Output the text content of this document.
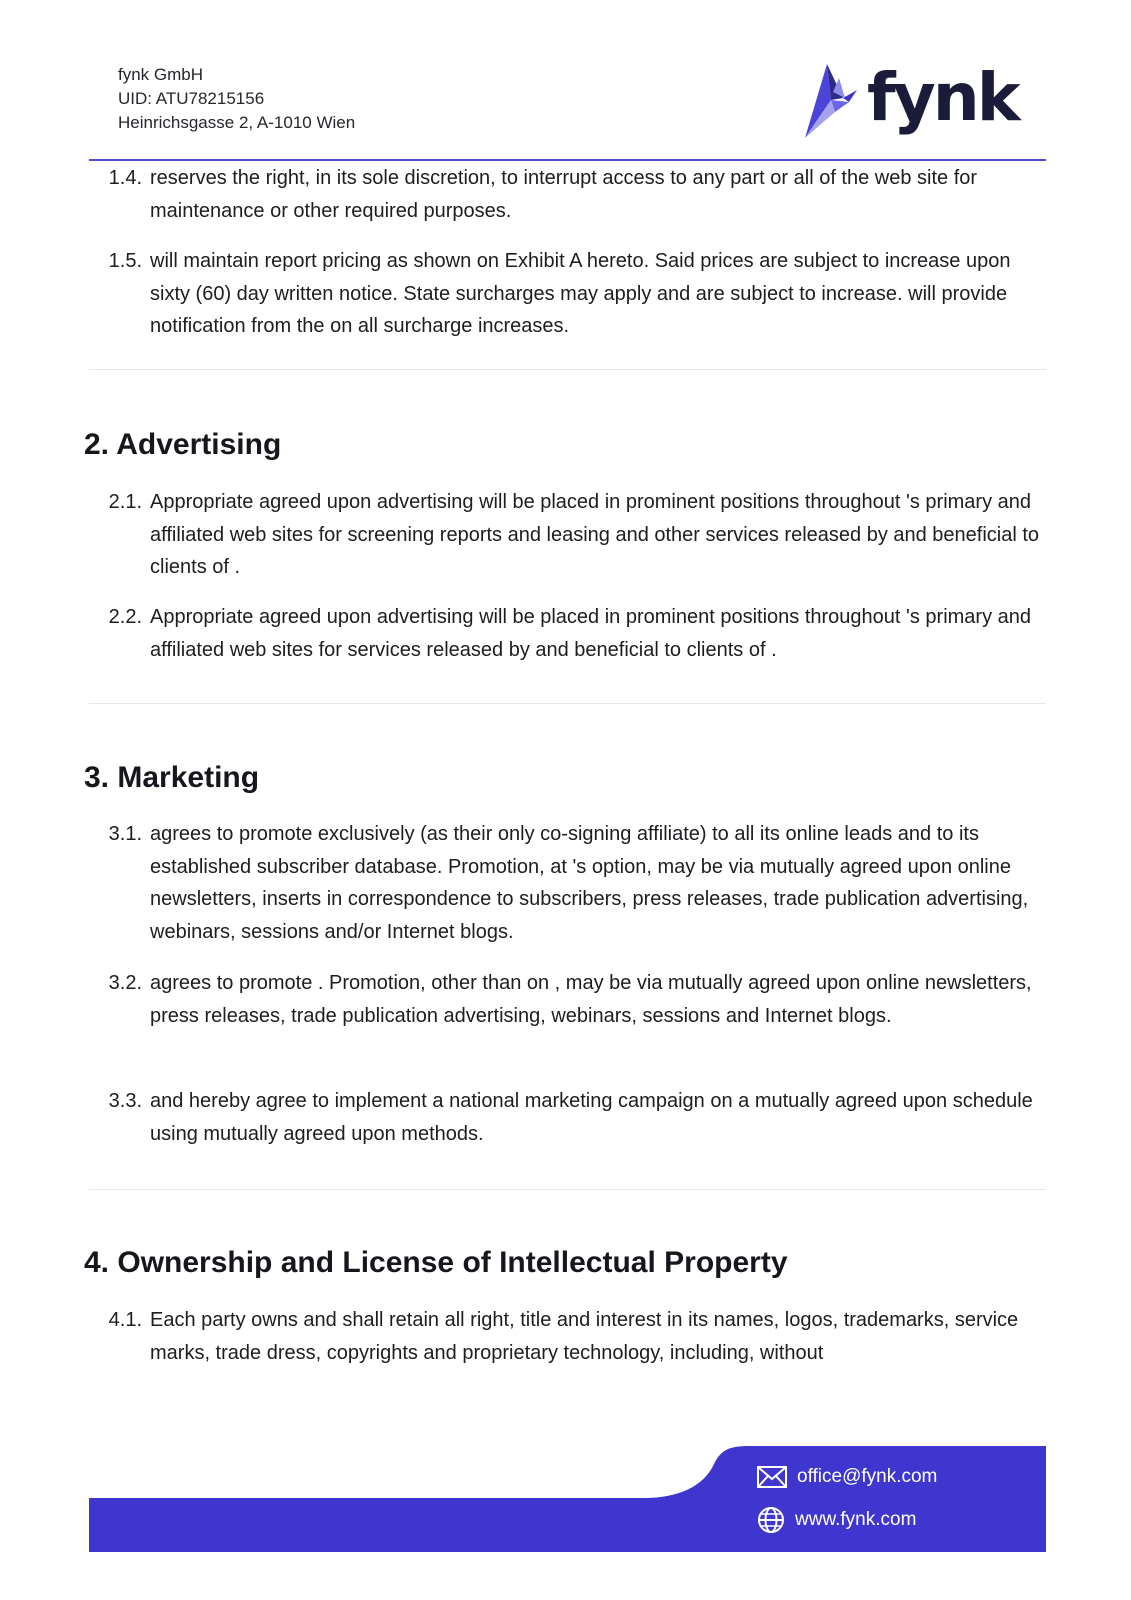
fynk GmbH
UID: ATU78215156
Heinrichsgasse 2, A-1010 Wien	fynk
1.4. reserves the right, in its sole discretion, to interrupt access to any part or all of the web site for maintenance or other required purposes.
1.5. will maintain report pricing as shown on Exhibit A hereto. Said prices are subject to increase upon sixty (60) day written notice. State surcharges may apply and are subject to increase. will provide notification from the on all surcharge increases.
2. Advertising
2.1. Appropriate agreed upon advertising will be placed in prominent positions throughout 's primary and affiliated web sites for screening reports and leasing and other services released by and beneficial to clients of .
2.2. Appropriate agreed upon advertising will be placed in prominent positions throughout 's primary and affiliated web sites for services released by and beneficial to clients of .
3. Marketing
3.1. agrees to promote exclusively (as their only co-signing affiliate) to all its online leads and to its established subscriber database. Promotion, at 's option, may be via mutually agreed upon online newsletters, inserts in correspondence to subscribers, press releases, trade publication advertising, webinars, sessions and/or Internet blogs.
3.2. agrees to promote . Promotion, other than on , may be via mutually agreed upon online newsletters, press releases, trade publication advertising, webinars, sessions and Internet blogs.
3.3. and hereby agree to implement a national marketing campaign on a mutually agreed upon schedule using mutually agreed upon methods.
4. Ownership and License of Intellectual Property
4.1. Each party owns and shall retain all right, title and interest in its names, logos, trademarks, service marks, trade dress, copyrights and proprietary technology, including, without
office@fynk.com
www.fynk.com
